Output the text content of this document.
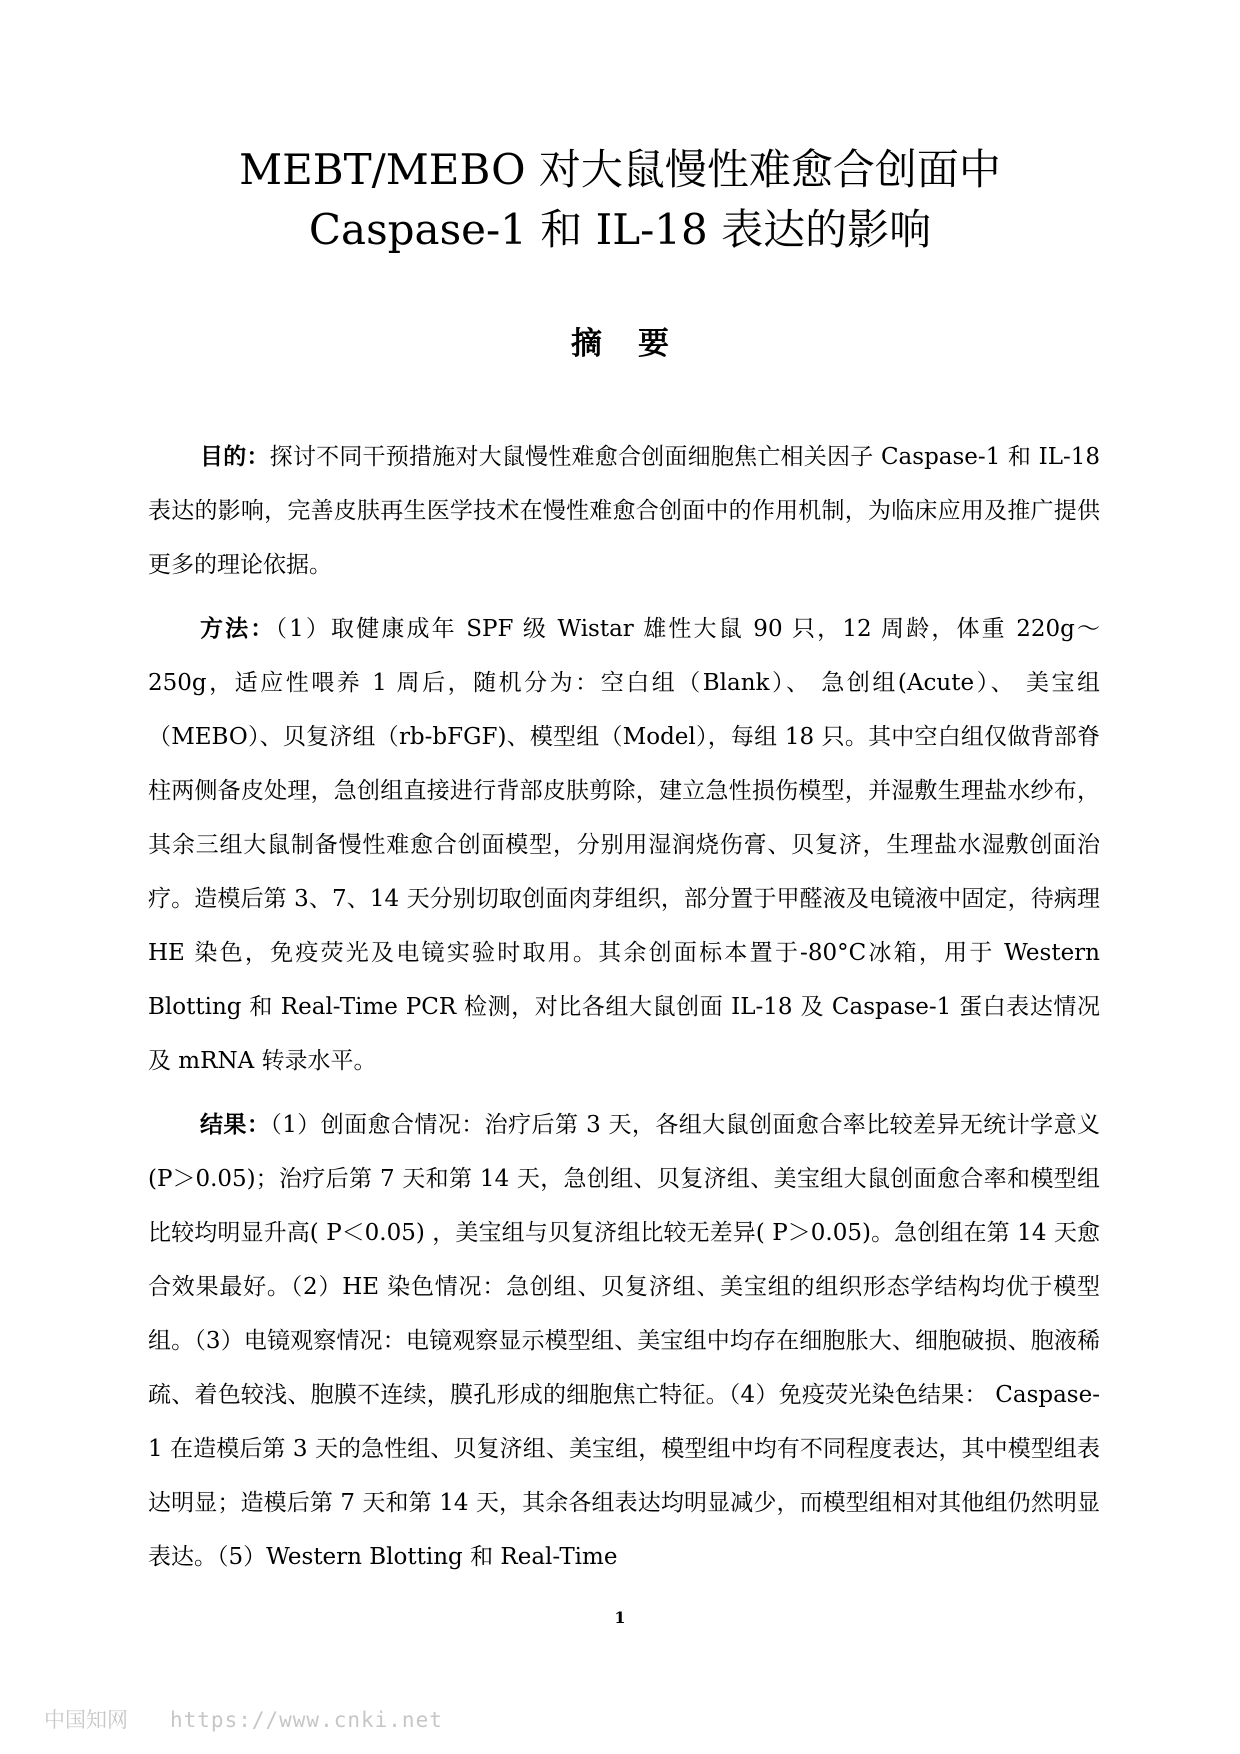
MEBT/MEBO 对大鼠慢性难愈合创面中
Caspase-1 和 IL-18 表达的影响
摘要

目的：探讨不同干预措施对大鼠慢性难愈合创面细胞焦亡相关因子 Caspase-1 和 IL-18 表达的影响，完善皮肤再生医学技术在慢性难愈合创面中的作用机制，为临床应用及推广提供更多的理论依据。

方法：（1）取健康成年 SPF 级 Wistar 雄性大鼠 90 只，12 周龄，体重 220g～250g，适应性喂养 1 周后，随机分为：空白组（Blank）、 急创组(Acute）、 美宝组（MEBO）、贝复济组（rb-bFGF)、模型组（Model），每组 18 只。其中空白组仅做背部脊柱两侧备皮处理，急创组直接进行背部皮肤剪除，建立急性损伤模型，并湿敷生理盐水纱布，其余三组大鼠制备慢性难愈合创面模型，分别用湿润烧伤膏、贝复济，生理盐水湿敷创面治疗。造模后第 3、7、14 天分别切取创面肉芽组织，部分置于甲醛液及电镜液中固定，待病理 HE 染色，免疫荧光及电镜实验时取用。其余创面标本置于-80°C冰箱，用于 Western Blotting 和 Real-Time PCR 检测，对比各组大鼠创面 IL-18 及 Caspase-1 蛋白表达情况及 mRNA 转录水平。

结果：（1）创面愈合情况：治疗后第 3 天，各组大鼠创面愈合率比较差异无统计学意义 (P＞0.05)；治疗后第 7 天和第 14 天，急创组、贝复济组、美宝组大鼠创面愈合率和模型组比较均明显升高( P＜0.05) ，美宝组与贝复济组比较无差异( P＞0.05)。急创组在第 14 天愈合效果最好。（2）HE 染色情况：急创组、贝复济组、美宝组的组织形态学结构均优于模型组。（3）电镜观察情况：电镜观察显示模型组、美宝组中均存在细胞胀大、细胞破损、胞液稀疏、着色较浅、胞膜不连续，膜孔形成的细胞焦亡特征。（4）免疫荧光染色结果： Caspase-1 在造模后第 3 天的急性组、贝复济组、美宝组，模型组中均有不同程度表达，其中模型组表达明显；造模后第 7 天和第 14 天，其余各组表达均明显减少，而模型组相对其他组仍然明显表达。（5）Western Blotting 和 Real-Time

1
中国知网 https://www.cnki.net
